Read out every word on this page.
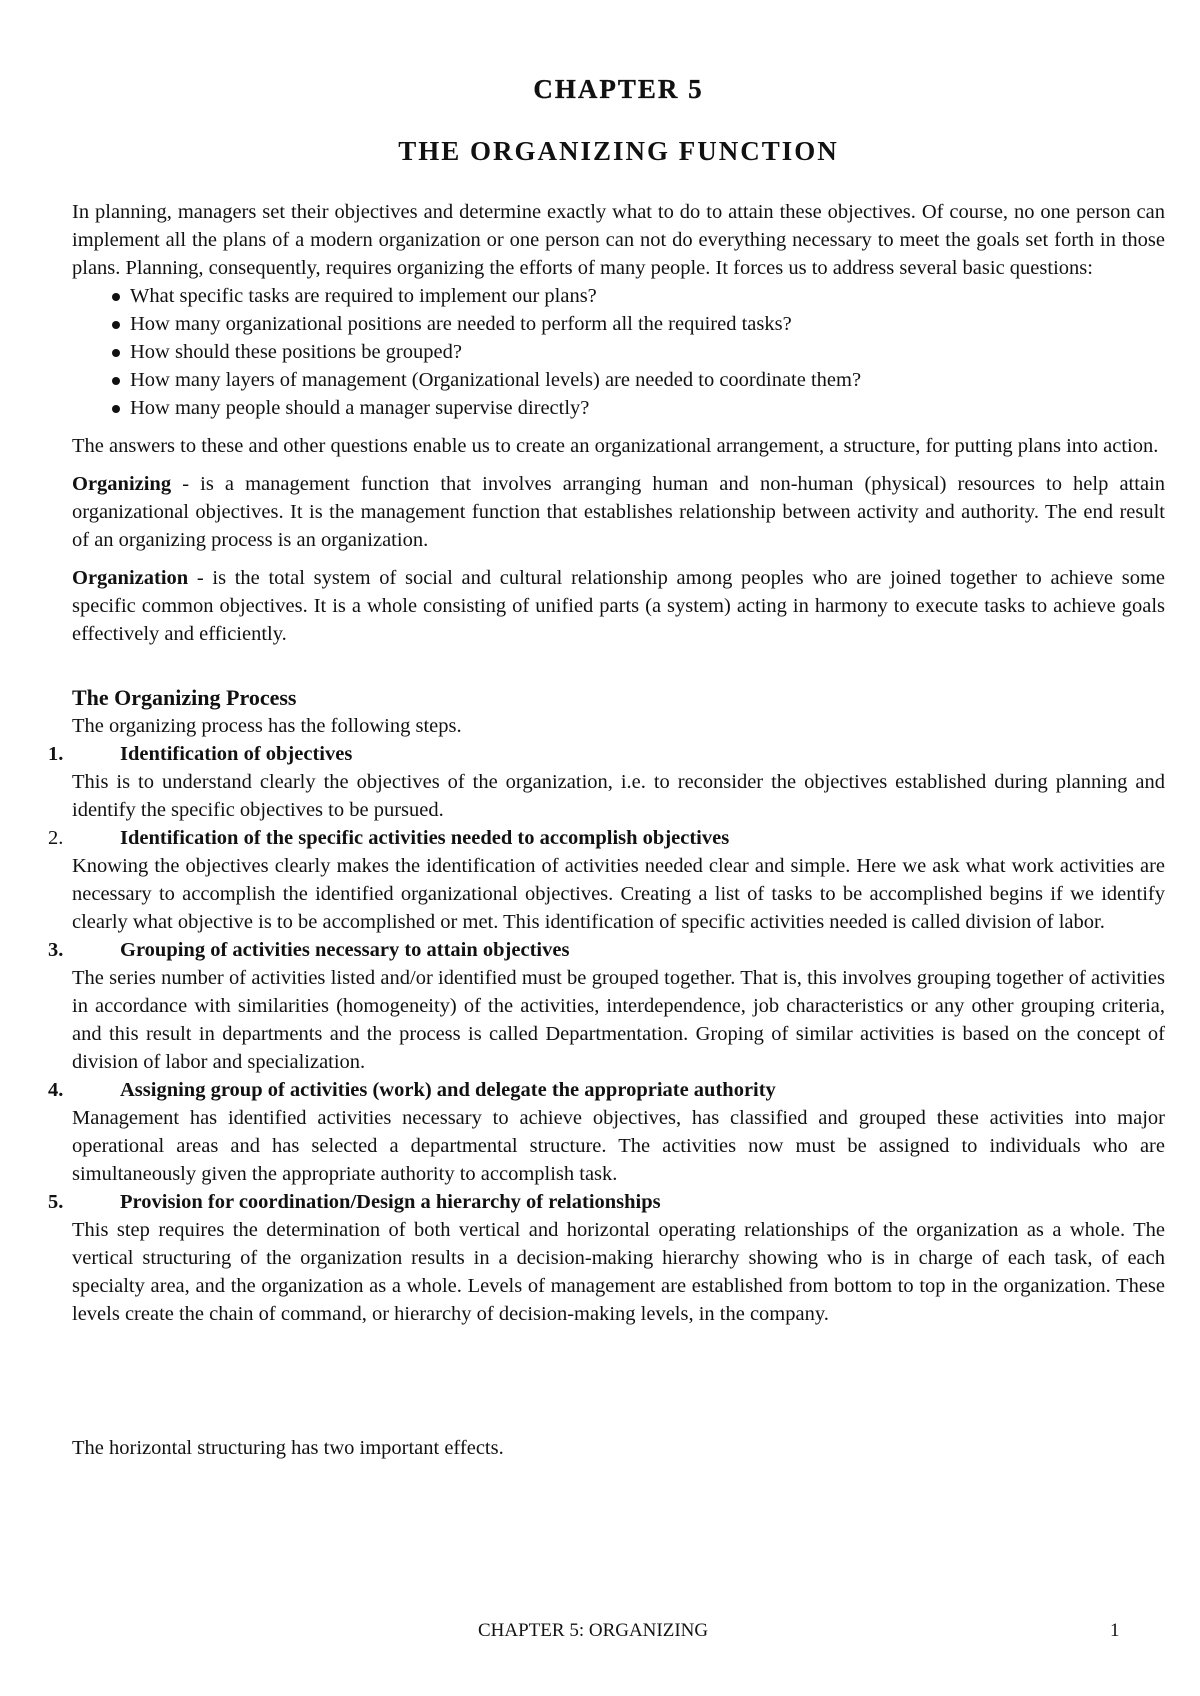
CHAPTER 5
THE ORGANIZING FUNCTION

In planning, managers set their objectives and determine exactly what to do to attain these objectives. Of course, no one person can implement all the plans of a modern organization or one person can not do everything necessary to meet the goals set forth in those plans. Planning, consequently, requires organizing the efforts of many people. It forces us to address several basic questions:

What specific tasks are required to implement our plans?
How many organizational positions are needed to perform all the required tasks?
How should these positions be grouped?
How many layers of management (Organizational levels) are needed to coordinate them?
How many people should a manager supervise directly?

The answers to these and other questions enable us to create an organizational arrangement, a structure, for putting plans into action.

Organizing - is a management function that involves arranging human and non-human (physical) resources to help attain organizational objectives. It is the management function that establishes relationship between activity and authority. The end result of an organizing process is an organization.

Organization - is the total system of social and cultural relationship among peoples who are joined together to achieve some specific common objectives. It is a whole consisting of unified parts (a system) acting in harmony to execute tasks to achieve goals effectively and efficiently.

The Organizing Process

The organizing process has the following steps.

1.	Identification of objectives

This is to understand clearly the objectives of the organization, i.e. to reconsider the objectives established during planning and identify the specific objectives to be pursued.

2.	Identification of the specific activities needed to accomplish objectives

Knowing the objectives clearly makes the identification of activities needed clear and simple. Here we ask what work activities are necessary to accomplish the identified organizational objectives. Creating a list of tasks to be accomplished begins if we identify clearly what objective is to be accomplished or met. This identification of specific activities needed is called division of labor.

3.	Grouping of activities necessary to attain objectives

The series number of activities listed and/or identified must be grouped together. That is, this involves grouping together of activities in accordance with similarities (homogeneity) of the activities, interdependence, job characteristics or any other grouping criteria, and this result in departments and the process is called Departmentation. Groping of similar activities is based on the concept of division of labor and specialization.

4.	Assigning group of activities (work) and delegate the appropriate authority

Management has identified activities necessary to achieve objectives, has classified and grouped these activities into major operational areas and has selected a departmental structure. The activities now must be assigned to individuals who are simultaneously given the appropriate authority to accomplish task.

5.	Provision for coordination/Design a hierarchy of relationships

This step requires the determination of both vertical and horizontal operating relationships of the organization as a whole. The vertical structuring of the organization results in a decision-making hierarchy showing who is in charge of each task, of each specialty area, and the organization as a whole. Levels of management are established from bottom to top in the organization. These levels create the chain of command, or hierarchy of decision-making levels, in the company.

The horizontal structuring has two important effects.

CHAPTER 5: ORGANIZING	1
